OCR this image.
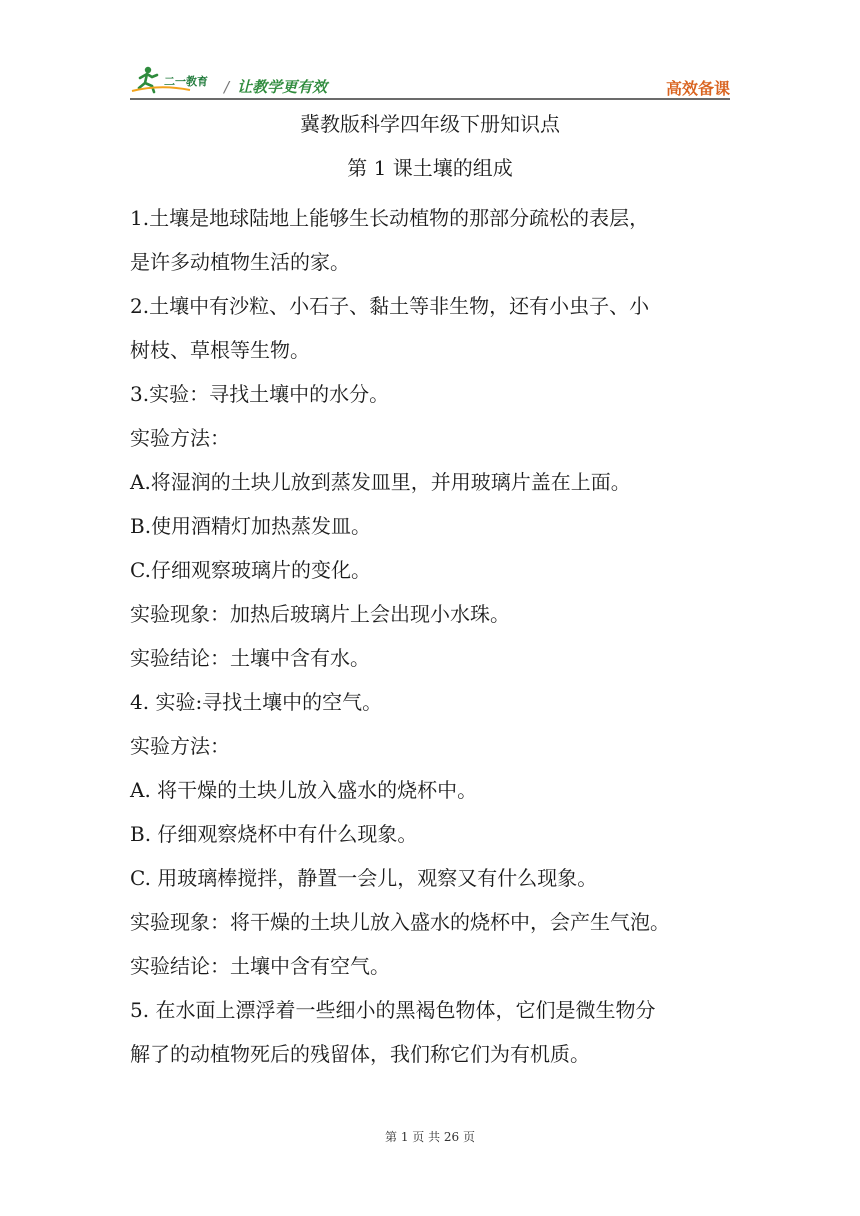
二一教育 / 让教学更有效	高效备课
冀教版科学四年级下册知识点
第 1 课土壤的组成

1.土壤是地球陆地上能够生长动植物的那部分疏松的表层，

是许多动植物生活的家。

2.土壤中有沙粒、小石子、黏土等非生物，还有小虫子、小

树枝、草根等生物。

3.实验：寻找土壤中的水分。

实验方法：

A.将湿润的土块儿放到蒸发皿里，并用玻璃片盖在上面。

B.使用酒精灯加热蒸发皿。

C.仔细观察玻璃片的变化。

实验现象：加热后玻璃片上会出现小水珠。

实验结论：土壤中含有水。

4. 实验:寻找土壤中的空气。

实验方法：

A. 将干燥的土块儿放入盛水的烧杯中。

B. 仔细观察烧杯中有什么现象。

C. 用玻璃棒搅拌，静置一会儿，观察又有什么现象。

实验现象：将干燥的土块儿放入盛水的烧杯中，会产生气泡。

实验结论：土壤中含有空气。

5. 在水面上漂浮着一些细小的黑褐色物体，它们是微生物分

解了的动植物死后的残留体，我们称它们为有机质。

第 1 页 共 26 页
